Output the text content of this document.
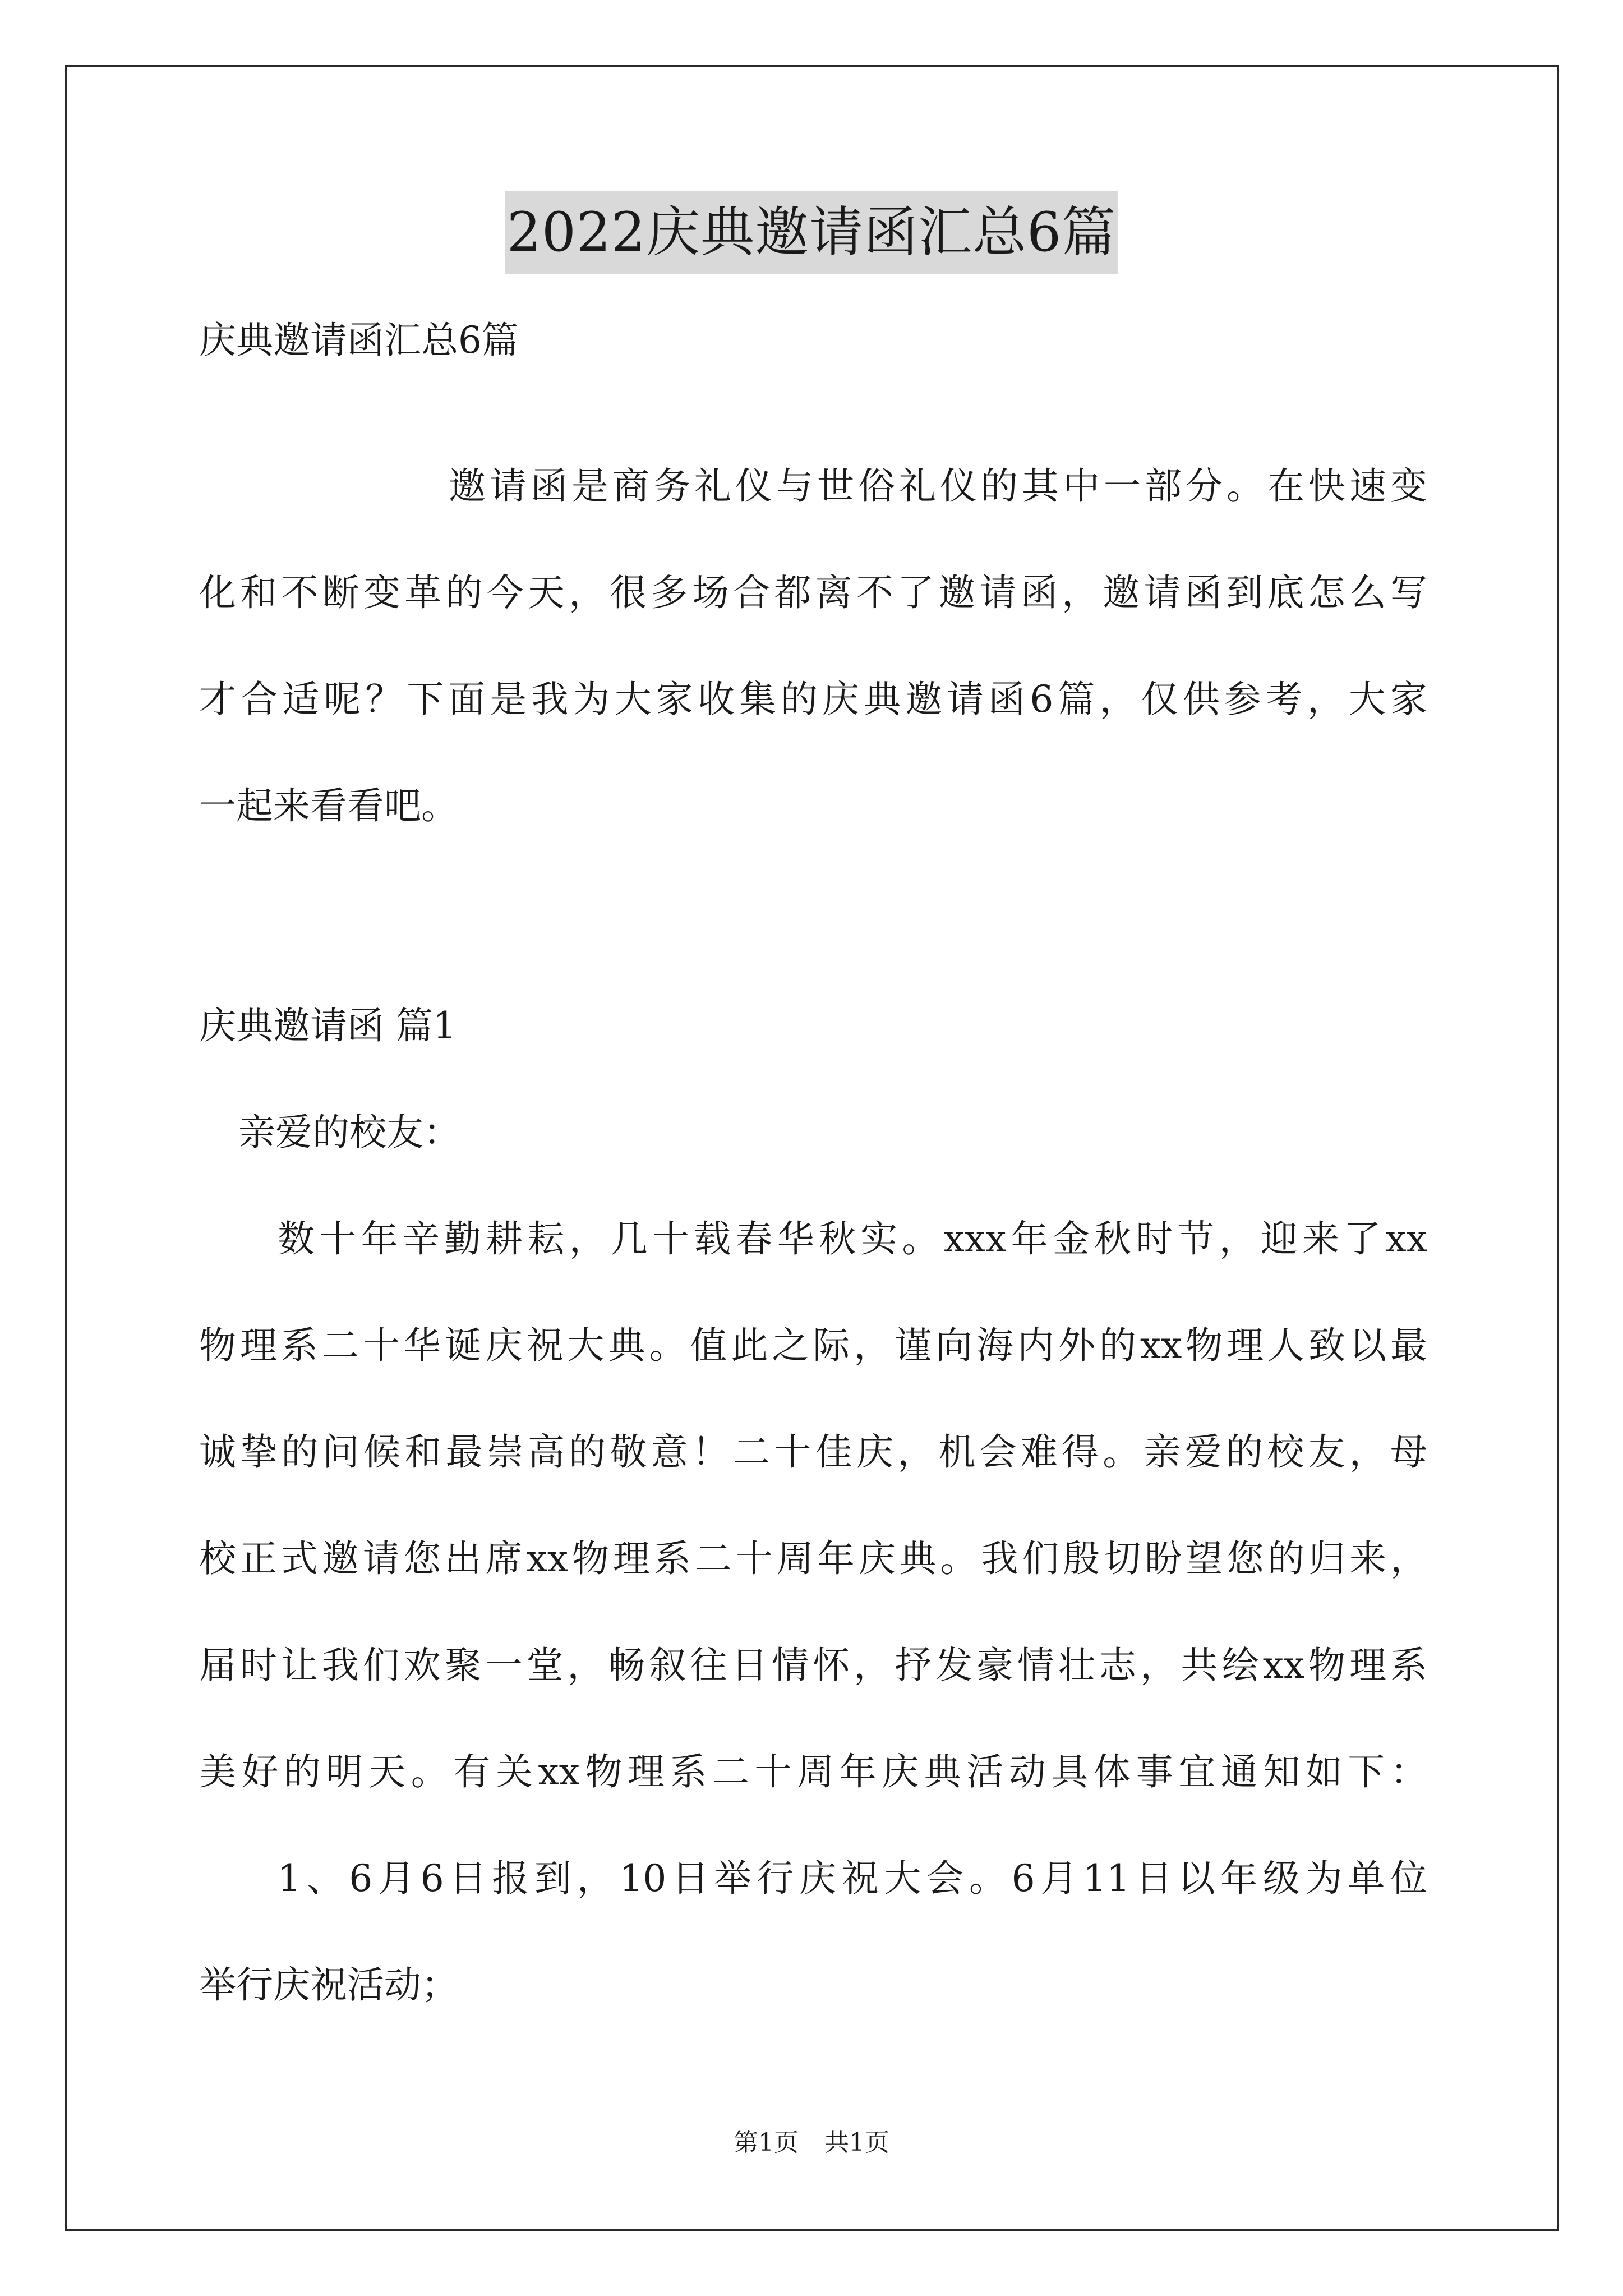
2022庆典邀请函汇总6篇
庆典邀请函汇总6篇
邀请函是商务礼仪与世俗礼仪的其中一部分。在快速变
化和不断变革的今天，很多场合都离不了邀请函，邀请函到底怎么写
才合适呢？下面是我为大家收集的庆典邀请函6篇，仅供参考，大家
一起来看看吧。
庆典邀请函 篇1
亲爱的校友：
数十年辛勤耕耘，几十载春华秋实。xxx年金秋时节，迎来了xx
物理系二十华诞庆祝大典。值此之际，谨向海内外的xx物理人致以最
诚挚的问候和最崇高的敬意！二十佳庆，机会难得。亲爱的校友，母
校正式邀请您出席xx物理系二十周年庆典。我们殷切盼望您的归来，
届时让我们欢聚一堂，畅叙往日情怀，抒发豪情壮志，共绘xx物理系
美好的明天。有关xx物理系二十周年庆典活动具体事宜通知如下：
1、6月6日报到，10日举行庆祝大会。6月11日以年级为单位
举行庆祝活动；
第1页 共1页
